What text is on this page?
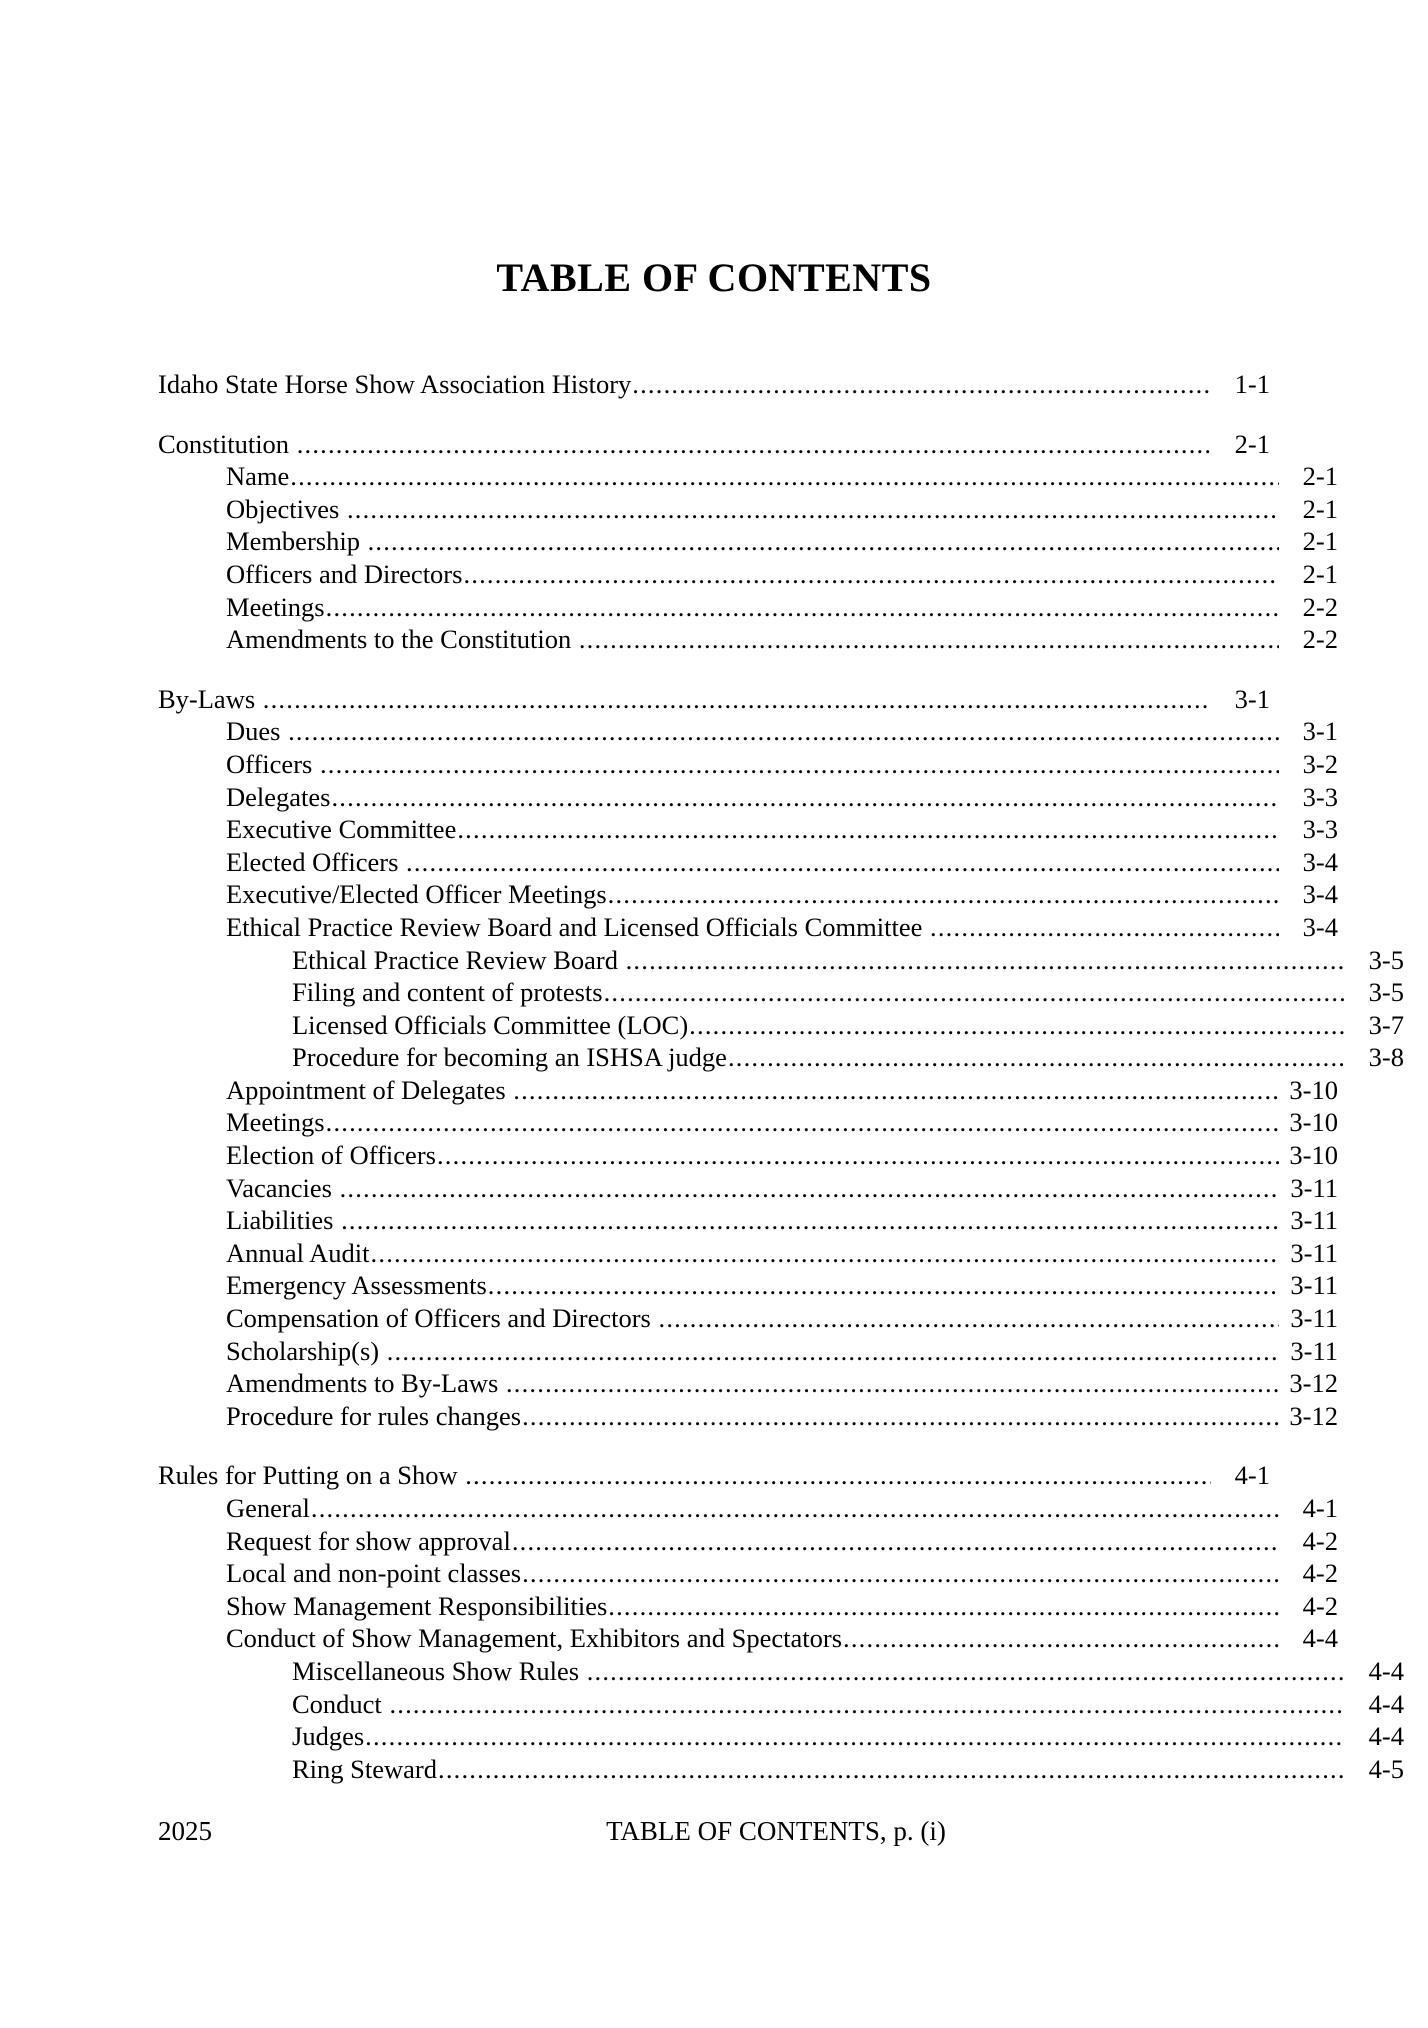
TABLE OF CONTENTS
Idaho State Horse Show Association History .....	1-1
Constitution .....	2-1
Name .....	2-1
Objectives .....	2-1
Membership .....	2-1
Officers and Directors .....	2-1
Meetings .....	2-2
Amendments to the Constitution .....	2-2
By-Laws .....	3-1
Dues .....	3-1
Officers .....	3-2
Delegates .....	3-3
Executive Committee .....	3-3
Elected Officers .....	3-4
Executive/Elected Officer Meetings .....	3-4
Ethical Practice Review Board and Licensed Officials Committee .....	3-4
Ethical Practice Review Board .....	3-5
Filing and content of protests .....	3-5
Licensed Officials Committee (LOC) .....	3-7
Procedure for becoming an ISHSA judge .....	3-8
Appointment of Delegates .....	3-10
Meetings .....	3-10
Election of Officers .....	3-10
Vacancies .....	3-11
Liabilities .....	3-11
Annual Audit .....	3-11
Emergency Assessments .....	3-11
Compensation of Officers and Directors .....	3-11
Scholarship(s) .....	3-11
Amendments to By-Laws .....	3-12
Procedure for rules changes .....	3-12
Rules for Putting on a Show .....	4-1
General .....	4-1
Request for show approval .....	4-2
Local and non-point classes .....	4-2
Show Management Responsibilities .....	4-2
Conduct of Show Management, Exhibitors and Spectators .....	4-4
Miscellaneous Show Rules .....	4-4
Conduct .....	4-4
Judges .....	4-4
Ring Steward .....	4-5
2025	TABLE OF CONTENTS, p. (i)
